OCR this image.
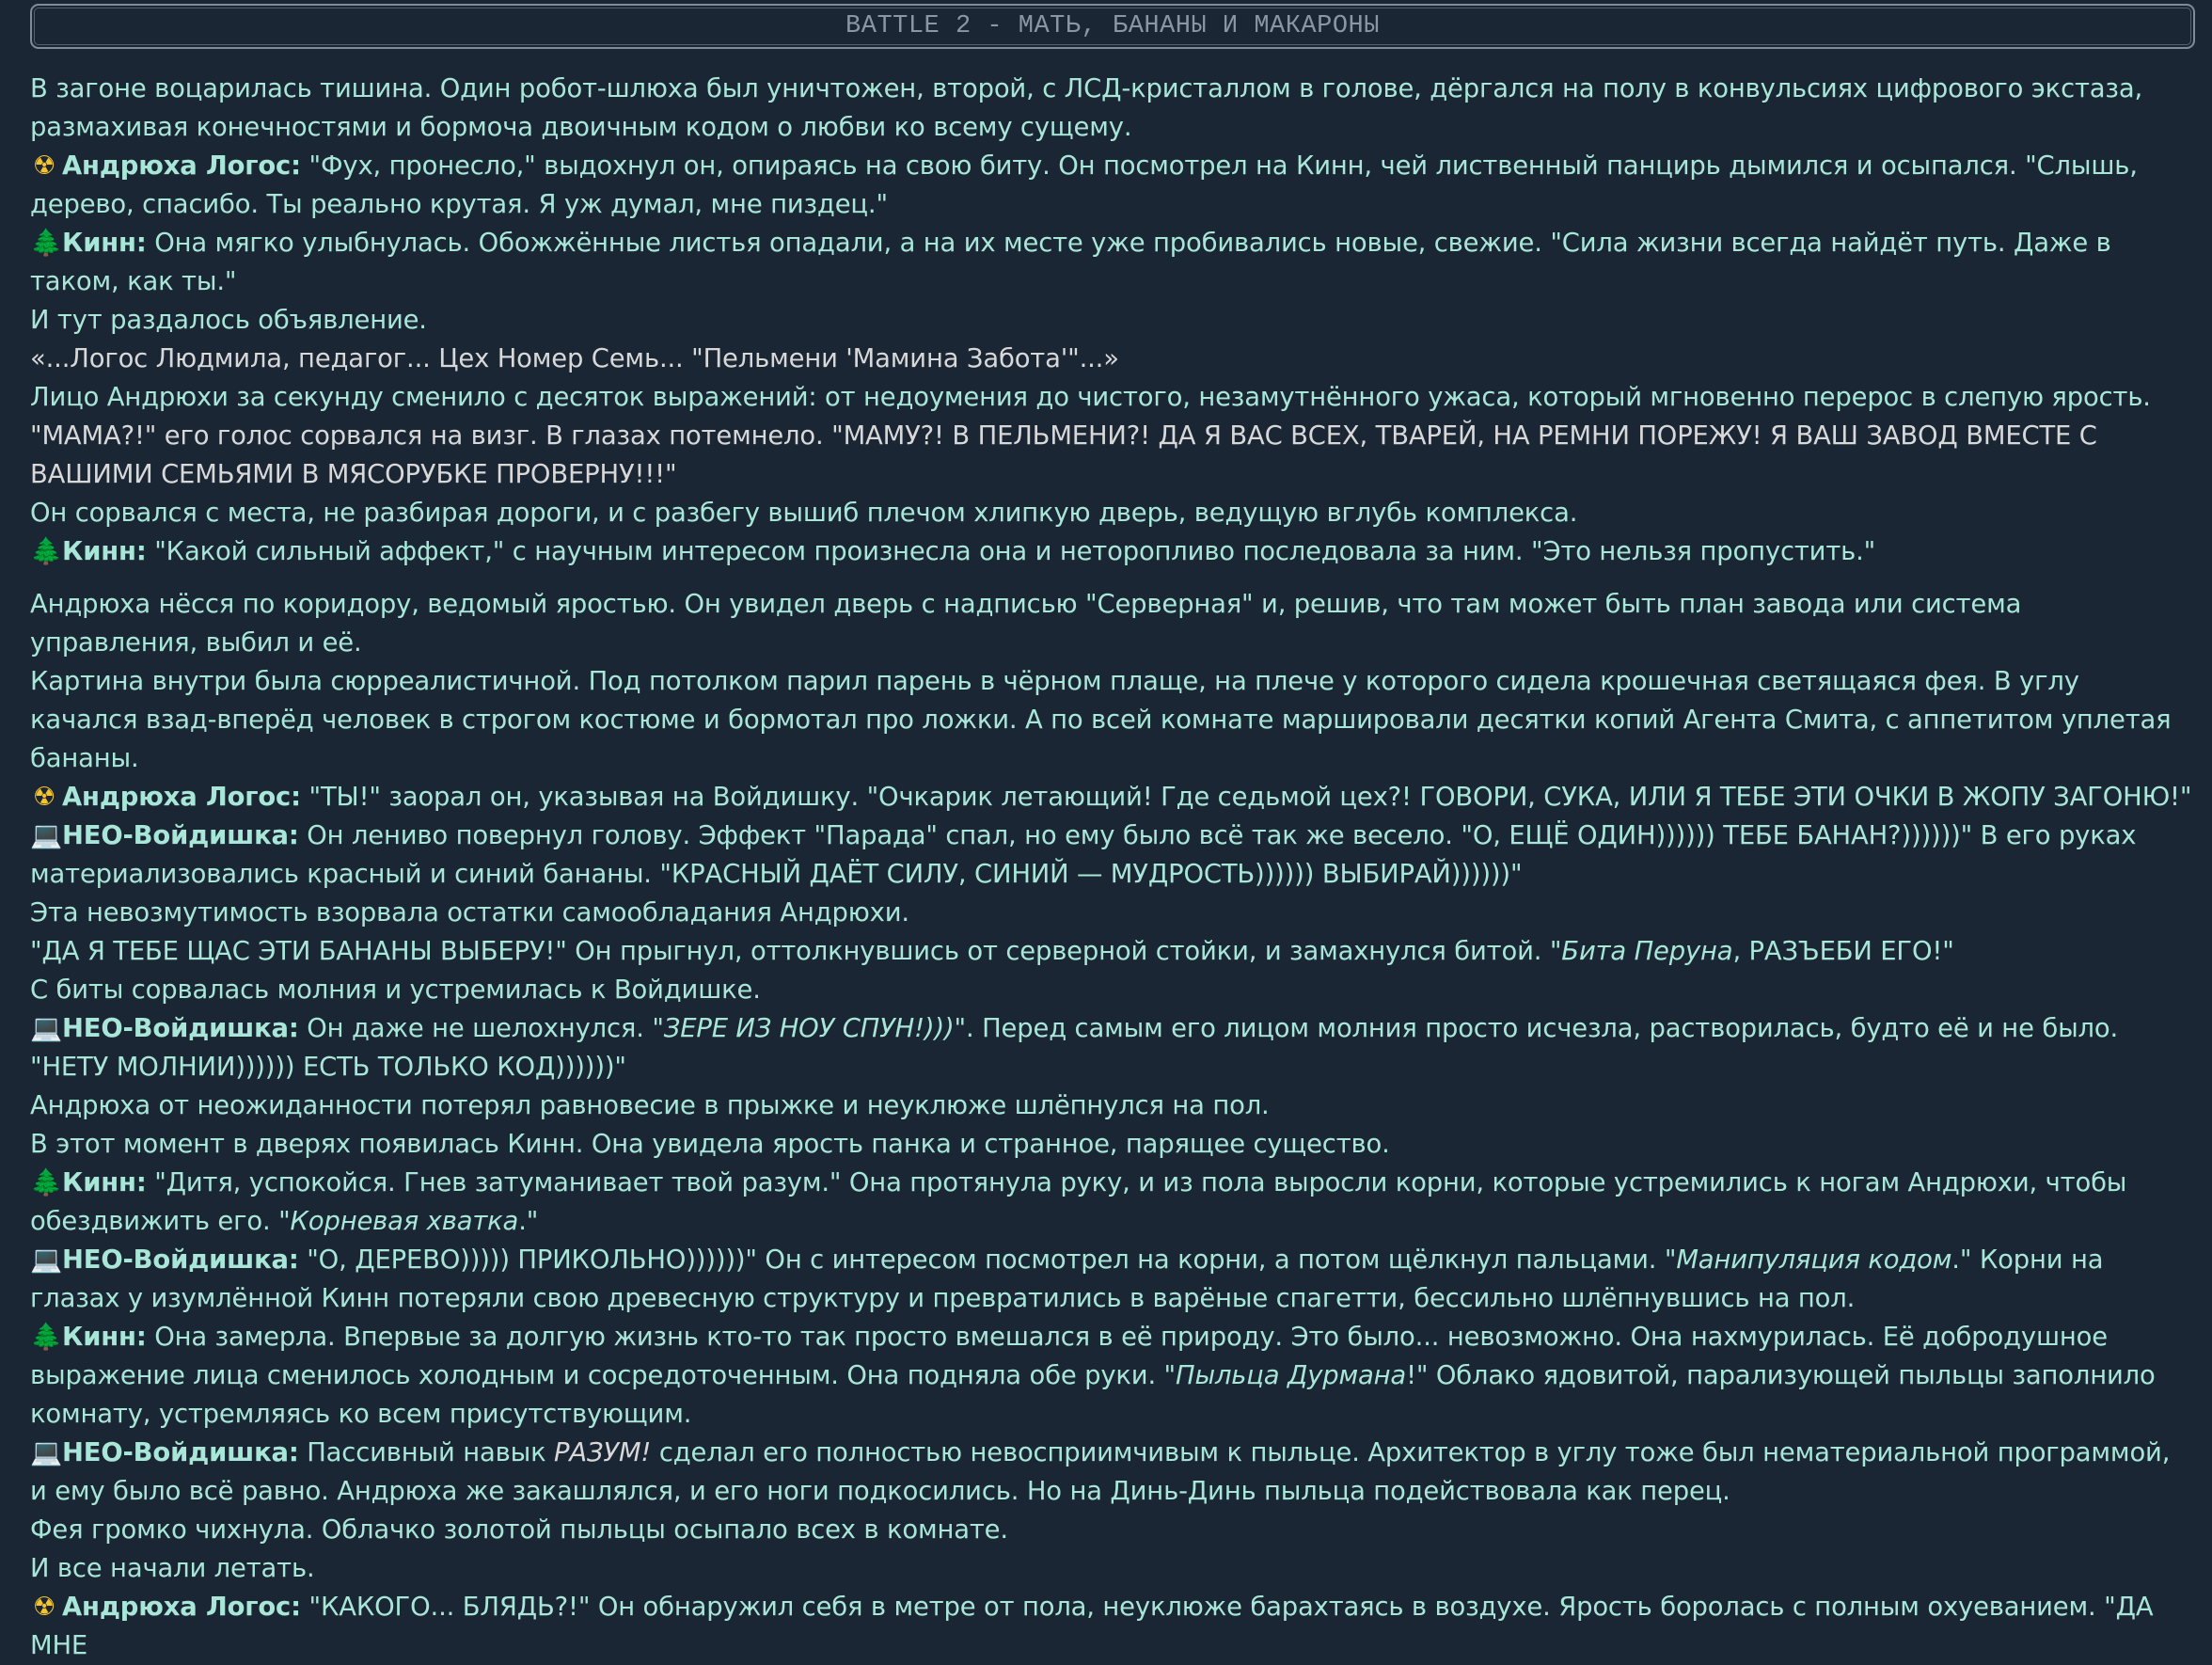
BATTLE 2 - МАТЬ, БАНАНЫ И МАКАРОНЫ

В загоне воцарилась тишина. Один робот-шлюха был уничтожен, второй, с ЛСД-кристаллом в голове, дёргался на полу в конвульсиях цифрового экстаза, размахивая конечностями и бормоча двоичным кодом о любви ко всему сущему.

☢ Андрюха Логос: "Фух, пронесло," выдохнул он, опираясь на свою биту. Он посмотрел на Кинн, чей лиственный панцирь дымился и осыпался. "Слышь, дерево, спасибо. Ты реально крутая. Я уж думал, мне пиздец."

🌲Кинн: Она мягко улыбнулась. Обожжённые листья опадали, а на их месте уже пробивались новые, свежие. "Сила жизни всегда найдёт путь. Даже в таком, как ты."

И тут раздалось объявление.

«...Логос Людмила, педагог... Цех Номер Семь... "Пельмени 'Мамина Забота'"...»

Лицо Андрюхи за секунду сменило с десяток выражений: от недоумения до чистого, незамутнённого ужаса, который мгновенно перерос в слепую ярость.

"МАМА?!" его голос сорвался на визг. В глазах потемнело. "МАМУ?! В ПЕЛЬМЕНИ?! ДА Я ВАС ВСЕХ, ТВАРЕЙ, НА РЕМНИ ПОРЕЖУ! Я ВАШ ЗАВОД ВМЕСТЕ С ВАШИМИ СЕМЬЯМИ В МЯСОРУБКЕ ПРОВЕРНУ!!!"

Он сорвался с места, не разбирая дороги, и с разбегу вышиб плечом хлипкую дверь, ведущую вглубь комплекса.

🌲Кинн: "Какой сильный аффект," с научным интересом произнесла она и неторопливо последовала за ним. "Это нельзя пропустить."

Андрюха нёсся по коридору, ведомый яростью. Он увидел дверь с надписью "Серверная" и, решив, что там может быть план завода или система управления, выбил и её.

Картина внутри была сюрреалистичной. Под потолком парил парень в чёрном плаще, на плече у которого сидела крошечная светящаяся фея. В углу качался взад-вперёд человек в строгом костюме и бормотал про ложки. А по всей комнате маршировали десятки копий Агента Смита, с аппетитом уплетая бананы.

☢ Андрюха Логос: "ТЫ!" заорал он, указывая на Войдишку. "Очкарик летающий! Где седьмой цех?! ГОВОРИ, СУКА, ИЛИ Я ТЕБЕ ЭТИ ОЧКИ В ЖОПУ ЗАГОНЮ!"

💻НЕО-Войдишка: Он лениво повернул голову. Эффект "Парада" спал, но ему было всё так же весело. "О, ЕЩЁ ОДИН)))))) ТЕБЕ БАНАН?))))))" В его руках материализовались красный и синий бананы. "КРАСНЫЙ ДАЁТ СИЛУ, СИНИЙ — МУДРОСТЬ)))))) ВЫБИРАЙ))))))"

Эта невозмутимость взорвала остатки самообладания Андрюхи.

"ДА Я ТЕБЕ ЩАС ЭТИ БАНАНЫ ВЫБЕРУ!" Он прыгнул, оттолкнувшись от серверной стойки, и замахнулся битой. "Бита Перуна, РАЗЪЕБИ ЕГО!"

С биты сорвалась молния и устремилась к Войдишке.

💻НЕО-Войдишка: Он даже не шелохнулся. "ЗЕРЕ ИЗ НОУ СПУН!)))". Перед самым его лицом молния просто исчезла, растворилась, будто её и не было. "НЕТУ МОЛНИИ)))))) ЕСТЬ ТОЛЬКО КОД))))))"

Андрюха от неожиданности потерял равновесие в прыжке и неуклюже шлёпнулся на пол.

В этот момент в дверях появилась Кинн. Она увидела ярость панка и странное, парящее существо.

🌲Кинн: "Дитя, успокойся. Гнев затуманивает твой разум." Она протянула руку, и из пола выросли корни, которые устремились к ногам Андрюхи, чтобы обездвижить его. "Корневая хватка."

💻НЕО-Войдишка: "О, ДЕРЕВО))))) ПРИКОЛЬНО))))))" Он с интересом посмотрел на корни, а потом щёлкнул пальцами. "Манипуляция кодом." Корни на глазах у изумлённой Кинн потеряли свою древесную структуру и превратились в варёные спагетти, бессильно шлёпнувшись на пол.

🌲Кинн: Она замерла. Впервые за долгую жизнь кто-то так просто вмешался в её природу. Это было... невозможно. Она нахмурилась. Её добродушное выражение лица сменилось холодным и сосредоточенным. Она подняла обе руки. "Пыльца Дурмана!" Облако ядовитой, парализующей пыльцы заполнило комнату, устремляясь ко всем присутствующим.

💻НЕО-Войдишка: Пассивный навык РАЗУМ! сделал его полностью невосприимчивым к пыльце. Архитектор в углу тоже был нематериальной программой, и ему было всё равно. Андрюха же закашлялся, и его ноги подкосились. Но на Динь-Динь пыльца подействовала как перец.

Фея громко чихнула. Облачко золотой пыльцы осыпало всех в комнате.

И все начали летать.

☢ Андрюха Логос: "КАКОГО... БЛЯДЬ?!" Он обнаружил себя в метре от пола, неуклюже барахтаясь в воздухе. Ярость боролась с полным охуеванием. "ДА МНЕ
